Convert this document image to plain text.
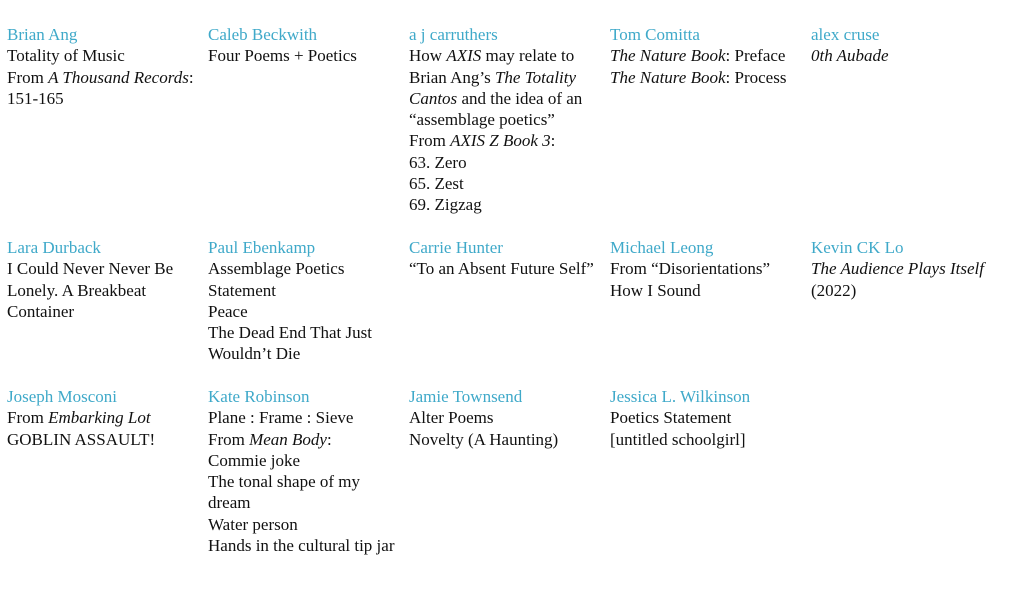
Brian Ang
Totality of Music
From A Thousand Records: 151-165
Caleb Beckwith
Four Poems + Poetics
a j carruthers
How AXIS may relate to Brian Ang’s The Totality Cantos and the idea of an “assemblage poetics”
From AXIS Z Book 3:
63. Zero
65. Zest
69. Zigzag
Tom Comitta
The Nature Book: Preface
The Nature Book: Process
alex cruse
0th Aubade
Lara Durback
I Could Never Never Be Lonely. A Breakbeat Container
Paul Ebenkamp
Assemblage Poetics Statement
Peace
The Dead End That Just Wouldn’t Die
Carrie Hunter
“To an Absent Future Self”
Michael Leong
From “Disorientations”
How I Sound
Kevin CK Lo
The Audience Plays Itself (2022)
Joseph Mosconi
From Embarking Lot
GOBLIN ASSAULT!
Kate Robinson
Plane : Frame : Sieve
From Mean Body:
Commie joke
The tonal shape of my dream
Water person
Hands in the cultural tip jar
Jamie Townsend
Alter Poems
Novelty (A Haunting)
Jessica L. Wilkinson
Poetics Statement
[untitled schoolgirl]
